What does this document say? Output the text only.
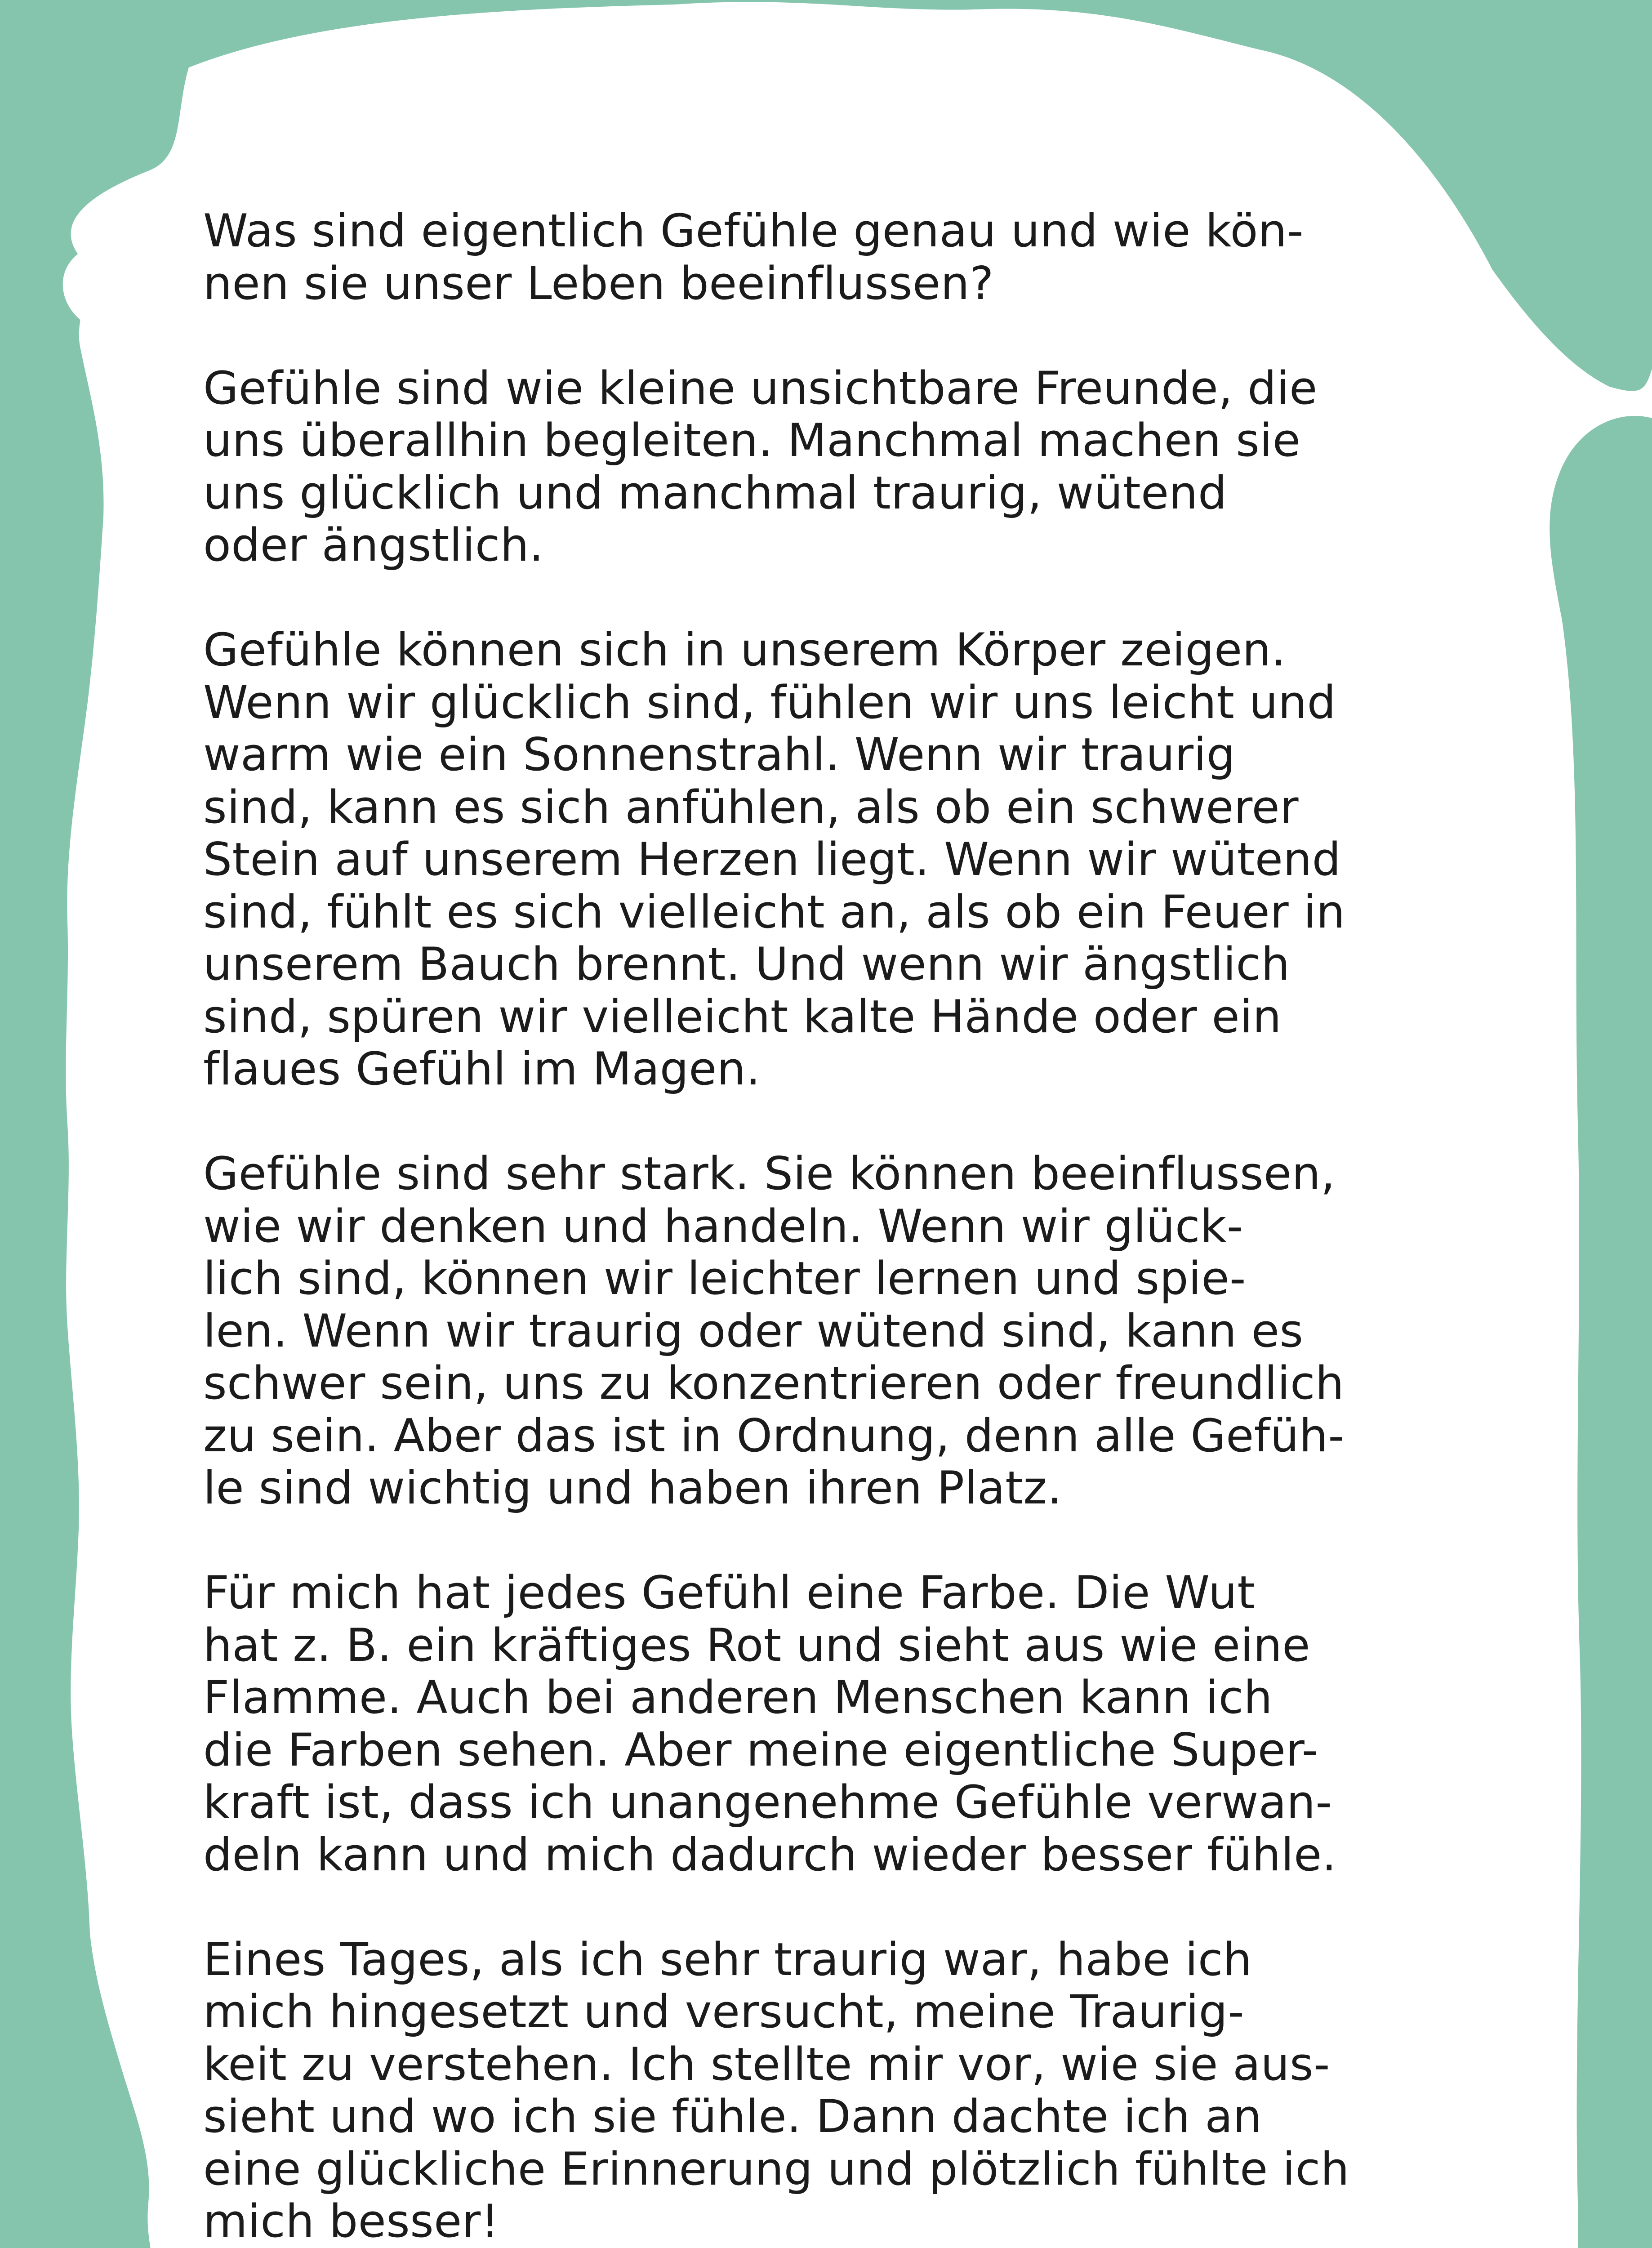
Was sind eigentlich Gefühle genau und wie kön-
nen sie unser Leben beeinflussen?

Gefühle sind wie kleine unsichtbare Freunde, die
uns überallhin begleiten. Manchmal machen sie
uns glücklich und manchmal traurig, wütend
oder ängstlich.

Gefühle können sich in unserem Körper zeigen.
Wenn wir glücklich sind, fühlen wir uns leicht und
warm wie ein Sonnenstrahl. Wenn wir traurig
sind, kann es sich anfühlen, als ob ein schwerer
Stein auf unserem Herzen liegt. Wenn wir wütend
sind, fühlt es sich vielleicht an, als ob ein Feuer in
unserem Bauch brennt. Und wenn wir ängstlich
sind, spüren wir vielleicht kalte Hände oder ein
flaues Gefühl im Magen.

Gefühle sind sehr stark. Sie können beeinflussen,
wie wir denken und handeln. Wenn wir glück-
lich sind, können wir leichter lernen und spie-
len. Wenn wir traurig oder wütend sind, kann es
schwer sein, uns zu konzentrieren oder freundlich
zu sein. Aber das ist in Ordnung, denn alle Gefüh-
le sind wichtig und haben ihren Platz.

Für mich hat jedes Gefühl eine Farbe. Die Wut
hat z. B. ein kräftiges Rot und sieht aus wie eine
Flamme. Auch bei anderen Menschen kann ich
die Farben sehen. Aber meine eigentliche Super-
kraft ist, dass ich unangenehme Gefühle verwan-
deln kann und mich dadurch wieder besser fühle.

Eines Tages, als ich sehr traurig war, habe ich
mich hingesetzt und versucht, meine Traurig-
keit zu verstehen. Ich stellte mir vor, wie sie aus-
sieht und wo ich sie fühle. Dann dachte ich an
eine glückliche Erinnerung und plötzlich fühlte ich
mich besser!
